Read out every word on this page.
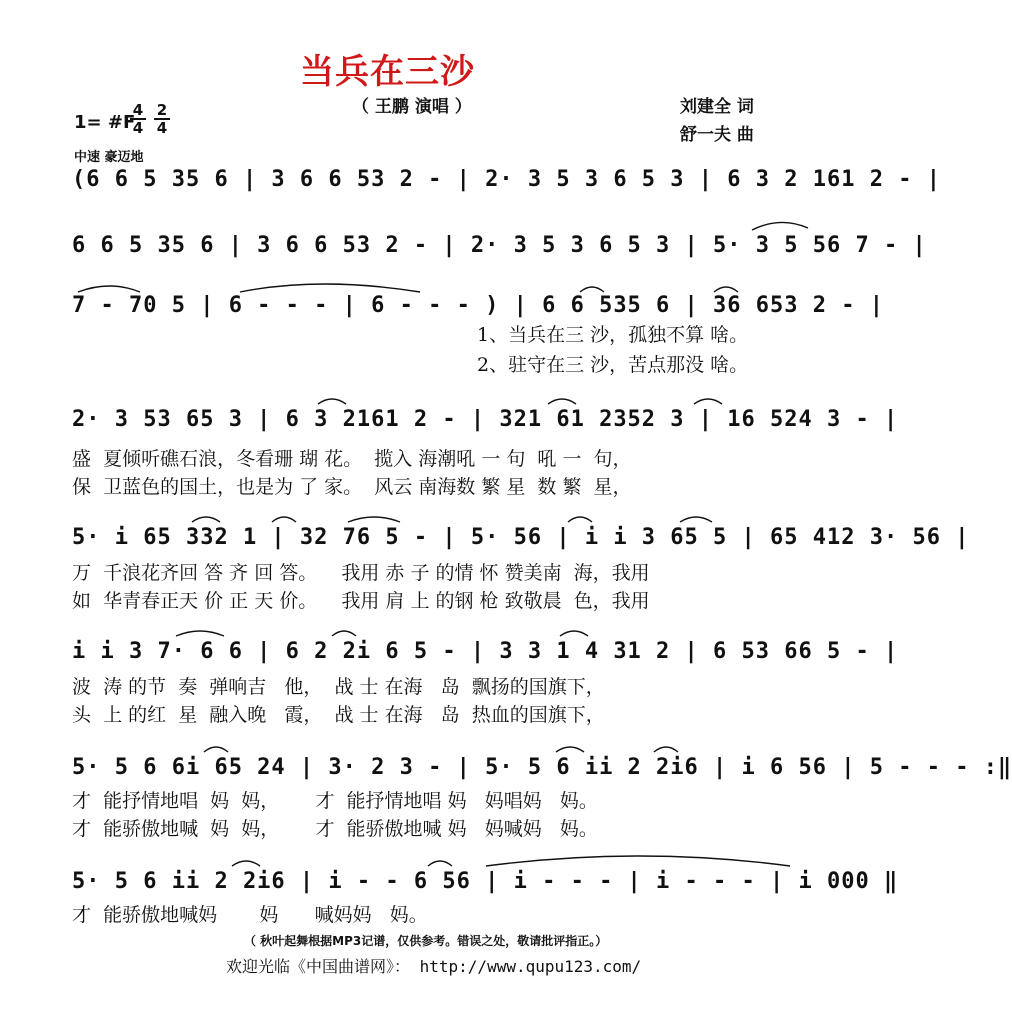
当兵在三沙
（ 王鹏 演唱 ）	刘建全 词
舒一夫 曲
1= #F
$\frac{4}{4} \frac{2}{4}$
中速 豪迈地
(6 6 5 35 6 | 3 6 6 53 2 - | 2· 3 5 3 6 5 3 | 6 3 2 161 2 - |
6 6 5 35 6 | 3 6 6 53 2 - | 2· 3 5 3 6 5 3 | 5· 3 5 56 7 - |
7 - 70 5 | 6 - - - | 6 - - - ) | 6 6 535 6 | 36 653 2 - |
1、当兵在三 沙，孤独不算 啥。
2、驻守在三 沙，苦点那没 啥。
2· 3 53 65 3 | 6 3 2161 2 - | 321 61 2352 3 | 16 524 3 - |
盛  夏倾听礁石浪，冬看珊 瑚 花。  揽入 海潮吼 一 句  吼 一  句，
保  卫蓝色的国土，也是为 了 家。  风云 南海数 繁 星  数 繁  星，
5· i 65 332 1 | 32 76 5 - | 5· 56 | i i 3 65 5 | 65 412 3· 56 |
万  千浪花齐回 答 齐 回 答。    我用 赤 子 的情 怀 赞美南  海，我用
如  华青春正天 价 正 天 价。    我用 肩 上 的钢 枪 致敬晨  色，我用
i i 3 7· 6 6 | 6 2 2i 6 5 - | 3 3 1 4 31 2 | 6 53 66 5 - |
波  涛 的节  奏  弹响吉   他，  战 士 在海   岛  飘扬的国旗下，
头  上 的红  星  融入晚   霞，  战 士 在海   岛  热血的国旗下，
5· 5 6 6i 65 24 | 3· 2 3 - | 5· 5 6 ii 2 2i6 | i 6 56 | 5 - - - :‖
才  能抒情地唱  妈  妈，      才  能抒情地唱 妈   妈唱妈   妈。
才  能骄傲地喊  妈  妈，      才  能骄傲地喊 妈   妈喊妈   妈。
5· 5 6 ii 2 2i6 | i - - 6 56 | i - - - | i - - - | i 000 ‖
才  能骄傲地喊妈       妈      喊妈妈   妈。
（ 秋叶起舞根据MP3记谱，仅供参考。错误之处，敬请批评指正。）
欢迎光临《中国曲谱网》： http://www.qupu123.com/
